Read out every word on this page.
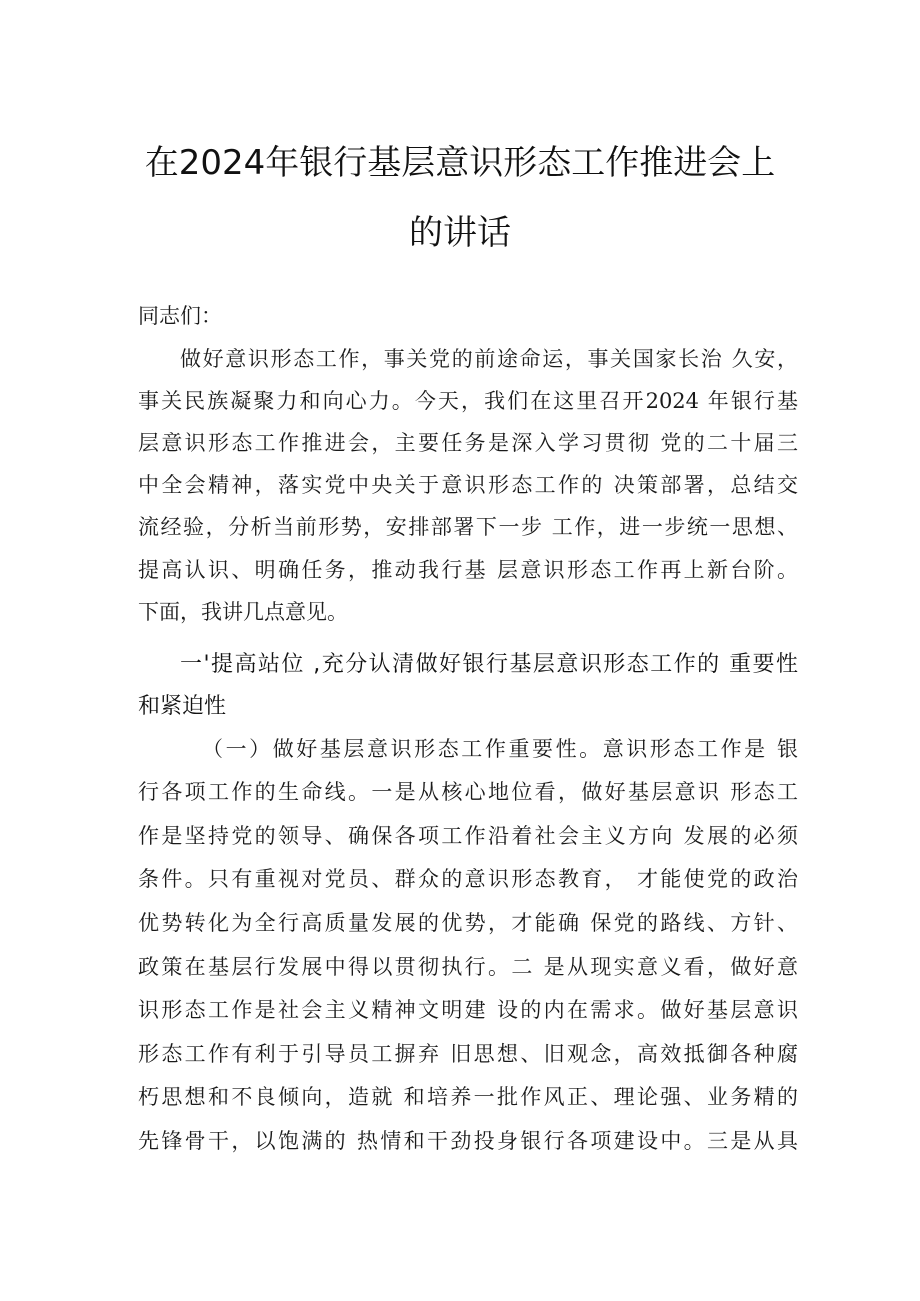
在2024年银行基层意识形态工作推进会上
的讲话
同志们：
做好意识形态工作，事关党的前途命运，事关国家长治 久安，
事关民族凝聚力和向心力。今天，我们在这里召开2024 年银行基
层意识形态工作推进会，主要任务是深入学习贯彻 党的二十届三
中全会精神，落实党中央关于意识形态工作的 决策部署，总结交
流经验，分析当前形势，安排部署下一步 工作，进一步统一思想、
提高认识、明确任务，推动我行基 层意识形态工作再上新台阶。
下面，我讲几点意见。
一'提高站位 ,充分认清做好银行基层意识形态工作的 重要性
和紧迫性
（一）做好基层意识形态工作重要性。意识形态工作是 银
行各项工作的生命线。一是从核心地位看，做好基层意识 形态工
作是坚持党的领导、确保各项工作沿着社会主义方向 发展的必须
条件。只有重视对党员、群众的意识形态教育， 才能使党的政治
优势转化为全行高质量发展的优势，才能确 保党的路线、方针、
政策在基层行发展中得以贯彻执行。二 是从现实意义看，做好意
识形态工作是社会主义精神文明建 设的内在需求。做好基层意识
形态工作有利于引导员工摒弃 旧思想、旧观念，高效抵御各种腐
朽思想和不良倾向，造就 和培养一批作风正、理论强、业务精的
先锋骨干，以饱满的 热情和干劲投身银行各项建设中。三是从具
